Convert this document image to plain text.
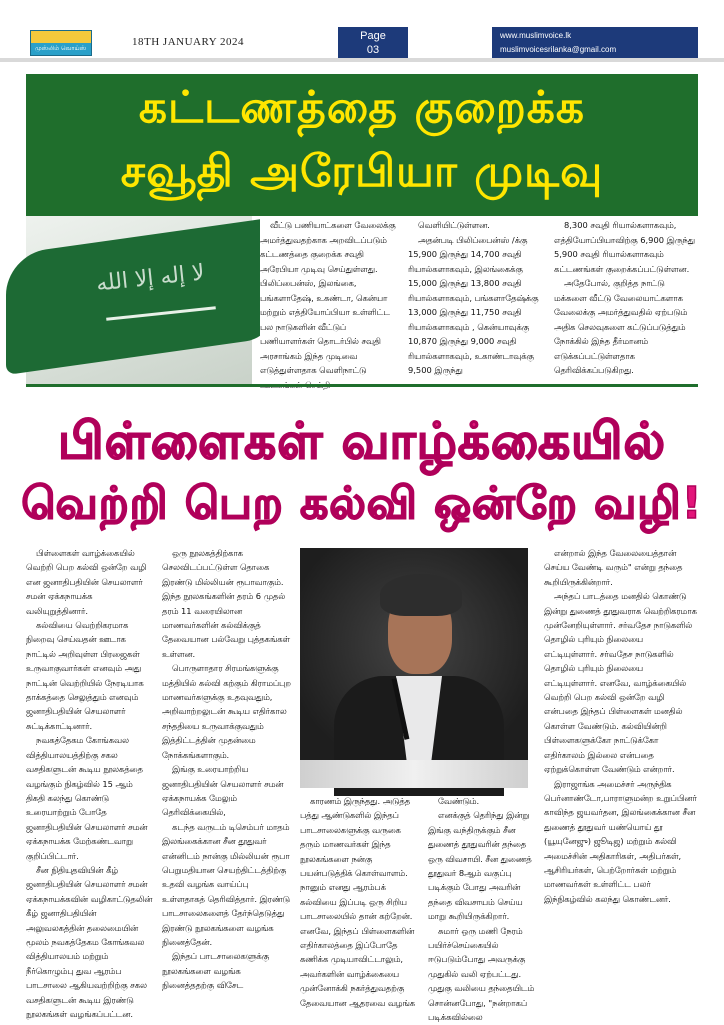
முஸ்லிம் வொய்ஸ்
18TH JANUARY 2024	Page
03
www.muslimvoice.lk
muslimvoicesrilanka@gmail.com
கட்டணத்தை குறைக்க
சவூதி அரேபியா முடிவு
لا إله إلا الله

வீட்டு பணியாட்களை வேலைக்கு அமர்த்துவதற்காக அறவிடப்படும் கட்டணத்தை குறைக்க சவுதி அரேபியா முடிவு செய்துள்ளது. பிலிப்பைன்ஸ், இலங்கை, பங்களாதேஷ், உகண்டா, கென்யா மற்றும் எத்தியோப்பியா உள்ளிட்ட பல நாடுகளின் வீட்டுப் பணியாளர்கள் தொடர்பில் சவுதி அரசாங்கம் இந்த முடிவை எடுத்துள்ளதாக வெளிநாட்டு

வெளியிட்டுள்ளன.

அதன்படி பிலிப்பைன்ஸ் /க்கு 15,900 இருந்து 14,700 சவுதி ரியால்களாகவும், இலங்கைக்கு 15,000 இருந்து 13,800 சவுதி ரியால்களாகவும், பங்களாதேஷ்க்கு 13,000 இருந்து 11,750 சவுதி ரியால்களாகவும் , கென்யாவுக்கு 10,870 இருந்து 9,000 சவுதி ரியால்களாகவும், உகாண்டாவுக்கு 9,500 இருந்து

8,300 சவுதி ரியால்களாகவும், எத்தியோப்பியாவிற்கு 6,900 இருந்து 5,900 சவுதி ரியால்களாகவும் கட்டணங்கள் குறைக்கப்பட்டுள்ளன.

அதேபோல், குறித்த நாட்டு மக்களை வீட்டு வேலையாட்களாக வேலைக்கு அமர்த்துவதில் ஏற்படும் அதிக செலவுகளை கட்டுப்படுத்தும் நோக்கில் இந்த தீர்மானம் எடுக்கப்பட்டுள்ளதாக தெரிவிக்கப்படுகிறது.

பிள்ளைகள் வாழ்க்கையில்
வெற்றி பெற கல்வி ஒன்றே வழி!

பிள்ளைகள் வாழ்க்கையில் வெற்றி பெற கல்வி ஒன்றே வழி என ஜனாதிபதியின் செயலாளர் சமன் ஏக்கநாயக்க வலியுறுத்தினார்.

கல்வியை வெற்றிகரமாக நிறைவு செய்வதன் ஊடாக நாட்டில் அறிவுள்ள பிரஜைகள் உருவாகுவார்கள் எனவும் அது நாட்டின் வெற்றியில் நேரடியாக தாக்கத்தை செலுத்தும் எனவும் ஜனாதிபதியின் செயலாளர் சுட்டிக்காட்டினார்.

நவகத்தேகம கோங்கவல வித்தியாலயத்திற்கு சகல வசதிகளுடன் கூடிய நூலகத்தை வழங்கும் நிகழ்வில் 15 ஆம் திகதி கலந்து கொண்டு உரையாற்றும் போதே ஜனாதிபதியின் செயலாளர் சமன் ஏக்கநாயக்க மேற்கண்டவாறு குறிப்பிட்டார்.

சீன நிதியுதவியின் கீழ் ஜனாதிபதியின் செயலாளர் சமன் ஏக்கநாயக்கவின் வழிகாட்டுதலின் கீழ் ஜனாதிபதியின் அலுவலகத்தின் தலைமையின் மூலம் நவகத்தேகம கோங்கவல வித்தியாலயம் மற்றும் நீர்கொழும்பு துவ ஆரம்ப பாடசாலை ஆகியவற்றிற்கு சகல வசதிகளுடன் கூடிய இரண்டு நூலகங்கள் வழங்கப்பட்டன.

ஒரு நூலகத்திற்காக செலவிடப்பட்டுள்ள தொகை இரண்டு மில்லியன் ரூபாவாகும். இந்த நூலகங்களின் தரம் 6 முதல் தரம் 11 வரையிலான மாணவர்களின் கல்விக்குத் தேவையான பல்வேறு புத்தகங்கள் உள்ளன.

பொருளாதார சிரமங்களுக்கு மத்தியில் கல்வி கற்கும் கிராமப்புற மாணவர்களுக்கு உதவுவதும், அறிவாற்றலுடன் கூடிய எதிர்கால சந்ததியை உருவாக்குவதும் இத்திட்டத்தின் முதன்மை நோக்கங்களாகும்.

இங்கு உரையாற்றிய ஜனாதிபதியின் செயலாளர் சமன் ஏக்கநாயக்க மேலும் தெரிவிக்கையில்,

கடந்த வருடம் டிசெம்பர் மாதம் இலங்கைக்கான சீன தூதுவர் என்னிடம் நான்கு மில்லியன் ரூபா பெறுமதியான செயற்திட்டத்திற்கு உதவி வழங்க வாய்ப்பு உள்ளதாகத் தெரிவித்தார். இரண்டு பாடசாலைகளைத் தேர்ந்தெடுத்து இரண்டு நூலகங்களை வழங்க நினைத்தேன்.

இந்தப் பாடசாலைகளுக்கு நூலகங்களை வழங்க நினைத்ததற்கு விசேட

காரணம் இருந்தது. அடுத்த பத்து ஆண்டுகளில் இந்தப் பாடசாலைகளுக்கு வருகை தரும் மாணவர்கள் இந்த நூலகங்களை நன்கு பயன்படுத்திக் கொள்வாளம். நானும் எனது ஆரம்பக் கல்வியை இப்படி ஒரு சிறிய பாடசாலையில் தான் கற்றேன். எனவே, இந்தப் பிள்ளைகளின் எதிர்காலத்தை இப்போதே கணிக்க முடியாவிட்டாலும், அவர்களின் வாழ்க்கையை முன்னோக்கி நகர்த்துவதற்கு தேவையான ஆதரவை வழங்க

வேண்டும்.

எனக்குத் தெரிந்து இன்று இங்கு வந்திருக்கும் சீன துணைத் தூதுவரின் தந்தை ஒரு விவசாயி. சீன துணைத் தூதுவர் 8ஆம் வகுப்பு படிக்கும் போது அவரின் தந்தை விவசாயம் செய்ய மாறு கூறியிருக்கிறார்.

சுமார் ஒரு மணி நேரம் பயிர்ச்செய்கையில் ஈடுபடும்போது அவருக்கு முதுகில் வலி ஏற்பட்டது. முதுகு வலியை தந்தையிடம் சொன்னபோது, "நன்றாகப் படிக்கவில்லை

என்றால் இந்த வேலையைத்தான் செய்ய வேண்டி வரும்" என்று தந்தை கூறியிருக்கின்றார்.

அந்தப் பாடத்தை மனதில் கொண்டு இன்று துணைத் தூதுவராக வெற்றிகரமாக முன்னேறியுள்ளார். சர்வதேச நாடுகளில் தொழில் புரியும் நிலையை எட்டியுள்ளார். சர்வதேச நாடுகளில் தொழில் புரியும் நிலையை எட்டியுள்ளார். எனவே, வாழ்க்கையில் வெற்றி பெற கல்வி ஒன்றே வழி என்பதை இந்தப் பிள்ளைகள் மனதில் கொள்ள வேண்டும். கல்வியின்றி பிள்ளைகளுக்கோ நாட்டுக்கோ எதிர்காலம் இல்லை என்பதை ஏற்றுக்கொள்ள வேண்டும் என்றார்.

இராஜாங்க அமைச்சர் அருந்திக பெர்னாண்டோ,பாராளுமன்ற உறுப்பினர் காவிந்த ஜயவர்தன, இலங்கைக்கான சீன துணைத் தூதுவர் யண்யொய் தூ (யூயுனேஜு) ஜூடிஜ) மற்றும் கல்வி அமைச்சின் அதிகாரிகள், அதிபர்கள், ஆசிரியர்கள், பெற்றோர்கள் மற்றும் மாணவர்கள் உள்ளிட்ட பலர் இந்நிகழ்வில் கலந்து கொண்டனர்.
